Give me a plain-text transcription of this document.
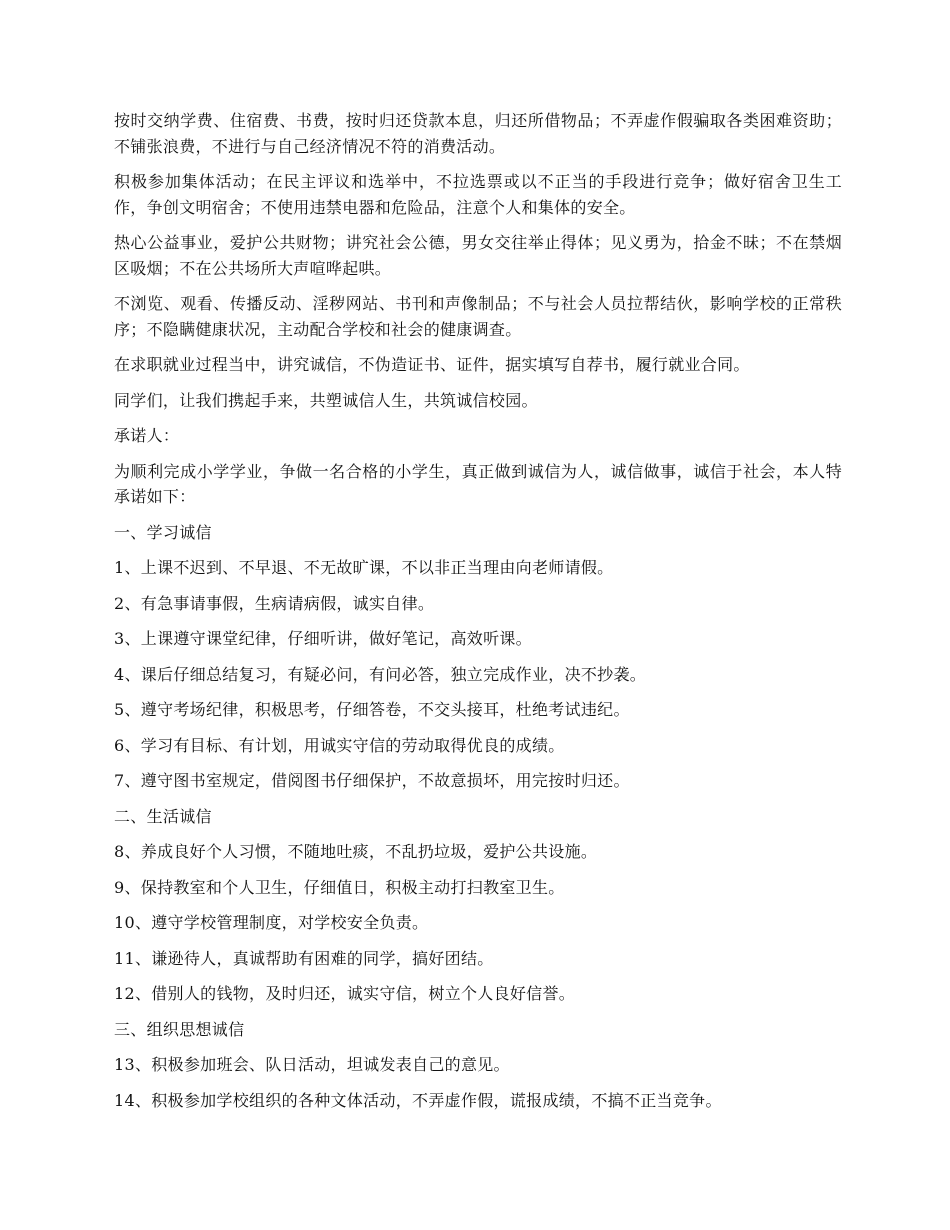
按时交纳学费、住宿费、书费，按时归还贷款本息，归还所借物品；不弄虚作假骗取各类困难资助；不铺张浪费，不进行与自己经济情况不符的消费活动。

积极参加集体活动；在民主评议和选举中，不拉选票或以不正当的手段进行竞争；做好宿舍卫生工作，争创文明宿舍；不使用违禁电器和危险品，注意个人和集体的安全。

热心公益事业，爱护公共财物；讲究社会公德，男女交往举止得体；见义勇为，拾金不昧；不在禁烟区吸烟；不在公共场所大声喧哗起哄。

不浏览、观看、传播反动、淫秽网站、书刊和声像制品；不与社会人员拉帮结伙，影响学校的正常秩序；不隐瞒健康状况，主动配合学校和社会的健康调查。

在求职就业过程当中，讲究诚信，不伪造证书、证件，据实填写自荐书，履行就业合同。

同学们，让我们携起手来，共塑诚信人生，共筑诚信校园。

承诺人：

为顺利完成小学学业，争做一名合格的小学生，真正做到诚信为人，诚信做事，诚信于社会，本人特承诺如下：

一、学习诚信

1、上课不迟到、不早退、不无故旷课，不以非正当理由向老师请假。

2、有急事请事假，生病请病假，诚实自律。

3、上课遵守课堂纪律，仔细听讲，做好笔记，高效听课。

4、课后仔细总结复习，有疑必问，有问必答，独立完成作业，决不抄袭。

5、遵守考场纪律，积极思考，仔细答卷，不交头接耳，杜绝考试违纪。

6、学习有目标、有计划，用诚实守信的劳动取得优良的成绩。

7、遵守图书室规定，借阅图书仔细保护，不故意损坏，用完按时归还。

二、生活诚信

8、养成良好个人习惯，不随地吐痰，不乱扔垃圾，爱护公共设施。

9、保持教室和个人卫生，仔细值日，积极主动打扫教室卫生。

10、遵守学校管理制度，对学校安全负责。

11、谦逊待人，真诚帮助有困难的同学，搞好团结。

12、借别人的钱物，及时归还，诚实守信，树立个人良好信誉。

三、组织思想诚信

13、积极参加班会、队日活动，坦诚发表自己的意见。

14、积极参加学校组织的各种文体活动，不弄虚作假，谎报成绩，不搞不正当竞争。
